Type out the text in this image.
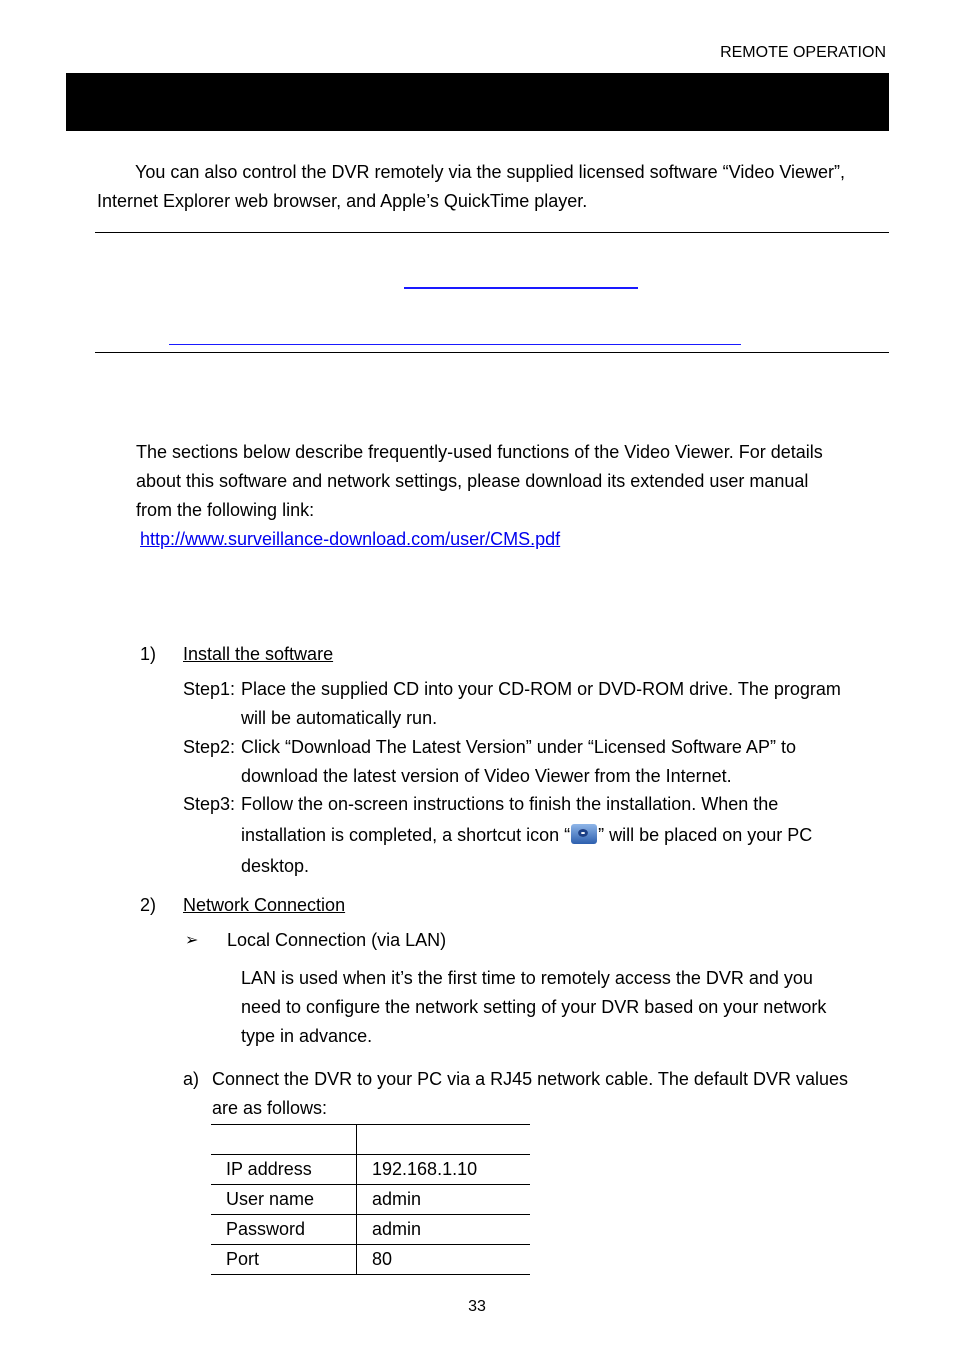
REMOTE OPERATION
You can also control the DVR remotely via the supplied licensed software “Video Viewer”,
Internet Explorer web browser, and Apple’s QuickTime player.
The sections below describe frequently-used functions of the Video Viewer. For details
about this software and network settings, please download its extended user manual
from the following link:
http://www.surveillance-download.com/user/CMS.pdf
1) Install the software
Step1: Place the supplied CD into your CD-ROM or DVD-ROM drive. The program
will be automatically run.
Step2: Click “Download The Latest Version” under “Licensed Software AP” to
download the latest version of Video Viewer from the Internet.
Step3: Follow the on-screen instructions to finish the installation. When the
installation is completed, a shortcut icon “ ” will be placed on your PC
desktop.
2) Network Connection
➢ Local Connection (via LAN)
LAN is used when it’s the first time to remotely access the DVR and you
need to configure the network setting of your DVR based on your network
type in advance.
a) Connect the DVR to your PC via a RJ45 network cable. The default DVR values
are as follows:

IP address	192.168.1.10
User name	admin
Password	admin
Port	80
33
